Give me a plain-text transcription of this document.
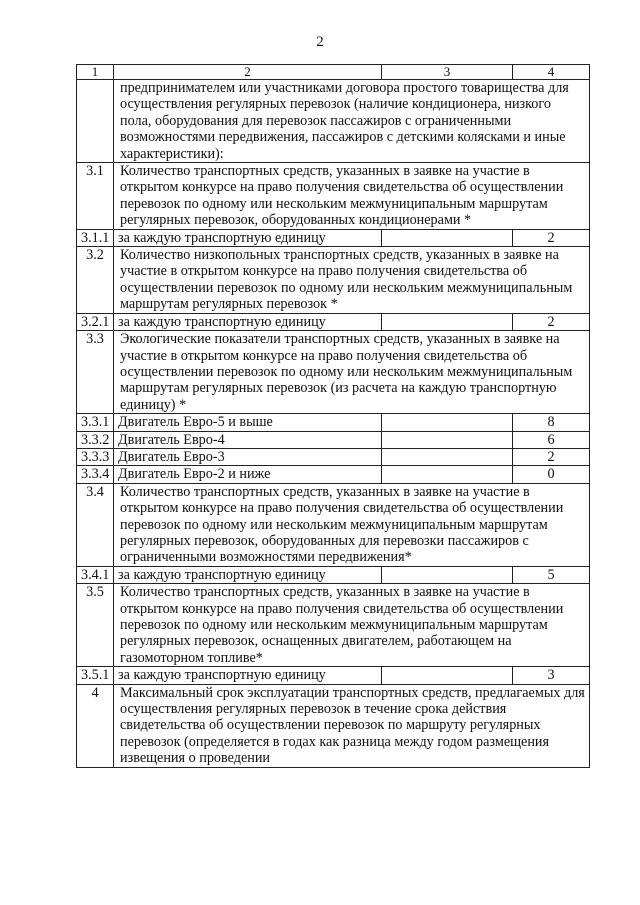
2
1	2	3	4
	предпринимателем или участниками договора простого товарищества для осуществления регулярных перевозок (наличие кондиционера, низкого пола, оборудования для перевозок пассажиров с ограниченными возможностями передвижения, пассажиров с детскими колясками и иные характеристики):		
3.1	Количество транспортных средств, указанных в заявке на участие в открытом конкурсе на право получения свидетельства об осуществлении перевозок по одному или нескольким межмуниципальным маршрутам регулярных перевозок, оборудованных кондиционерами *		
3.1.1	за каждую транспортную единицу		2
3.2	Количество низкопольных транспортных средств, указанных в заявке на участие в открытом конкурсе на право получения свидетельства об осуществлении перевозок по одному или нескольким межмуниципальным маршрутам регулярных перевозок *		
3.2.1	за каждую транспортную единицу		2
3.3	Экологические показатели транспортных средств, указанных в заявке на участие в открытом конкурсе на право получения свидетельства об осуществлении перевозок по одному или нескольким межмуниципальным маршрутам регулярных перевозок (из расчета на каждую транспортную единицу) *		
3.3.1	Двигатель Евро-5 и выше		8
3.3.2	Двигатель Евро-4		6
3.3.3	Двигатель Евро-3		2
3.3.4	Двигатель Евро-2 и ниже		0
3.4	Количество транспортных средств, указанных в заявке на участие в открытом конкурсе на право получения свидетельства об осуществлении перевозок по одному или нескольким межмуниципальным маршрутам регулярных перевозок, оборудованных для перевозки пассажиров с ограниченными возможностями передвижения*		
3.4.1	за каждую транспортную единицу		5
3.5	Количество транспортных средств, указанных в заявке на участие в открытом конкурсе на право получения свидетельства об осуществлении перевозок по одному или нескольким межмуниципальным маршрутам регулярных перевозок, оснащенных двигателем, работающем на газомоторном топливе*		
3.5.1	за каждую транспортную единицу		3
4	Максимальный срок эксплуатации транспортных средств, предлагаемых для осуществления регулярных перевозок в течение срока действия свидетельства об осуществлении перевозок по маршруту регулярных перевозок (определяется в годах как разница между годом размещения извещения о проведении		
